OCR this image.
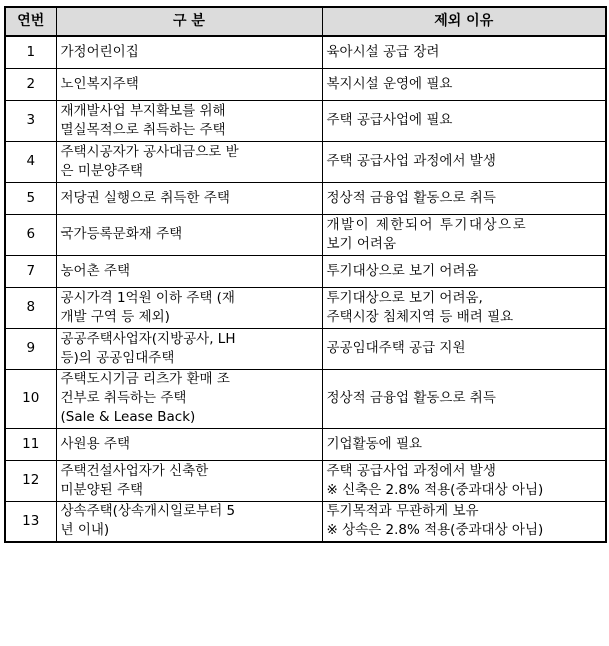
연번	구 분	제외 이유
1	가정어린이집	육아시설 공급 장려

2	노인복지주택	복지시설 운영에 필요

3	재개발사업 부지확보를 위해
멸실목적으로 취득하는 주택	주택 공급사업에 필요

4	주택시공자가 공사대금으로 받
은 미분양주택	주택 공급사업 과정에서 발생

5	저당권 실행으로 취득한 주택	정상적 금융업 활동으로 취득

6	국가등록문화재 주택	개발이 제한되어 투기대상으로
보기 어려움

7	농어촌 주택	투기대상으로 보기 어려움

8	공시가격 1억원 이하 주택 (재
개발 구역 등 제외)	투기대상으로 보기 어려움,
주택시장 침체지역 등 배려 필요

9	공공주택사업자(지방공사, LH
등)의 공공임대주택	공공임대주택 공급 지원

10	주택도시기금 리츠가 환매 조
건부로 취득하는 주택
(Sale & Lease Back)	정상적 금융업 활동으로 취득

11	사원용 주택	기업활동에 필요

12	주택건설사업자가 신축한
미분양된 주택	주택 공급사업 과정에서 발생
※ 신축은 2.8% 적용(중과대상 아님)

13	상속주택(상속개시일로부터 5
년 이내)	투기목적과 무관하게 보유
※ 상속은 2.8% 적용(중과대상 아님)
